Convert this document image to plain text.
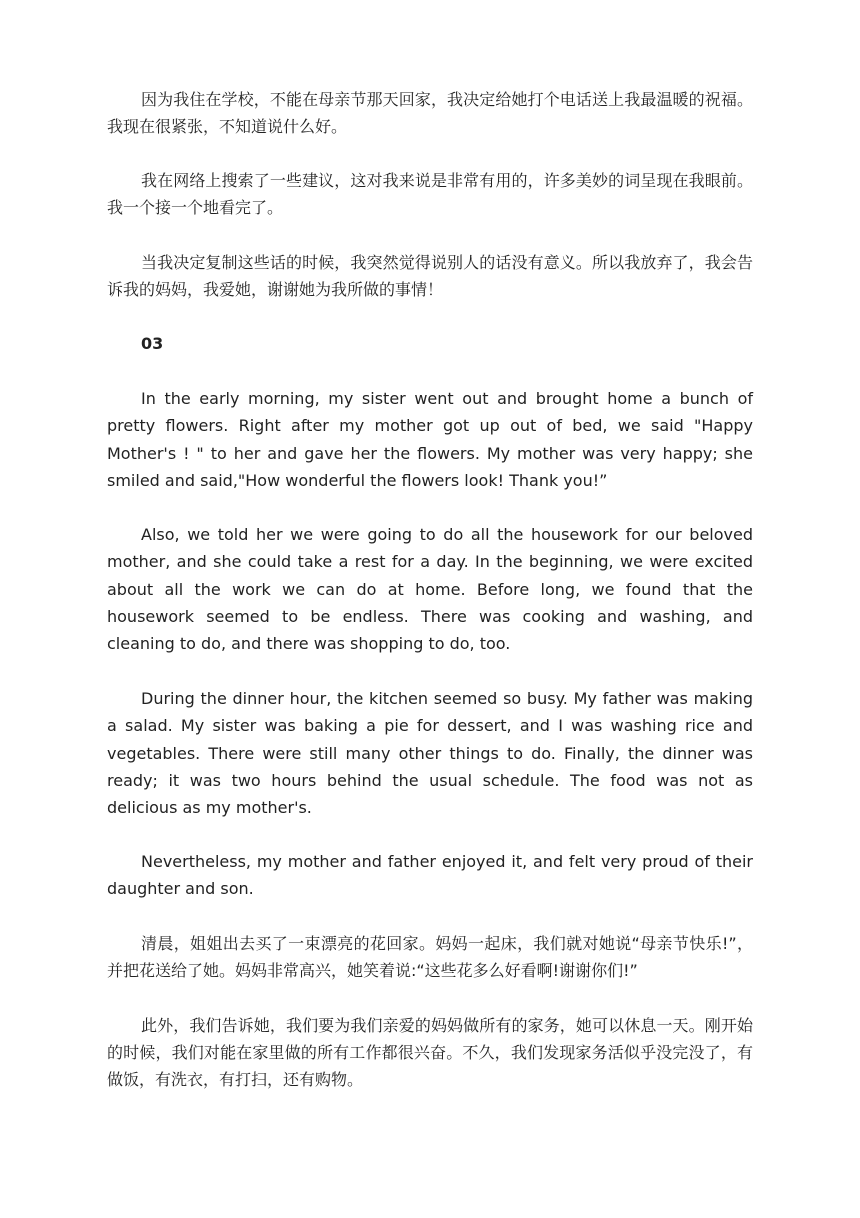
因为我住在学校，不能在母亲节那天回家，我决定给她打个电话送上我最温暖的祝福。我现在很紧张，不知道说什么好。

我在网络上搜索了一些建议，这对我来说是非常有用的，许多美妙的词呈现在我眼前。我一个接一个地看完了。

当我决定复制这些话的时候，我突然觉得说别人的话没有意义。所以我放弃了，我会告诉我的妈妈，我爱她，谢谢她为我所做的事情！

03

In the early morning, my sister went out and brought home a bunch of pretty flowers. Right after my mother got up out of bed, we said "Happy Mother's ! " to her and gave her the flowers. My mother was very happy; she smiled and said,"How wonderful the flowers look! Thank you!”

Also, we told her we were going to do all the housework for our beloved mother, and she could take a rest for a day. In the beginning, we were excited about all the work we can do at home. Before long, we found that the housework seemed to be endless. There was cooking and washing, and cleaning to do, and there was shopping to do, too.

During the dinner hour, the kitchen seemed so busy. My father was making a salad. My sister was baking a pie for dessert, and I was washing rice and vegetables. There were still many other things to do. Finally, the dinner was ready; it was two hours behind the usual schedule. The food was not as delicious as my mother's.

Nevertheless, my mother and father enjoyed it, and felt very proud of their daughter and son.

清晨，姐姐出去买了一束漂亮的花回家。妈妈一起床，我们就对她说“母亲节快乐!”，并把花送给了她。妈妈非常高兴，她笑着说:“这些花多么好看啊!谢谢你们!”

此外，我们告诉她，我们要为我们亲爱的妈妈做所有的家务，她可以休息一天。刚开始的时候，我们对能在家里做的所有工作都很兴奋。不久，我们发现家务活似乎没完没了，有做饭，有洗衣，有打扫，还有购物。
